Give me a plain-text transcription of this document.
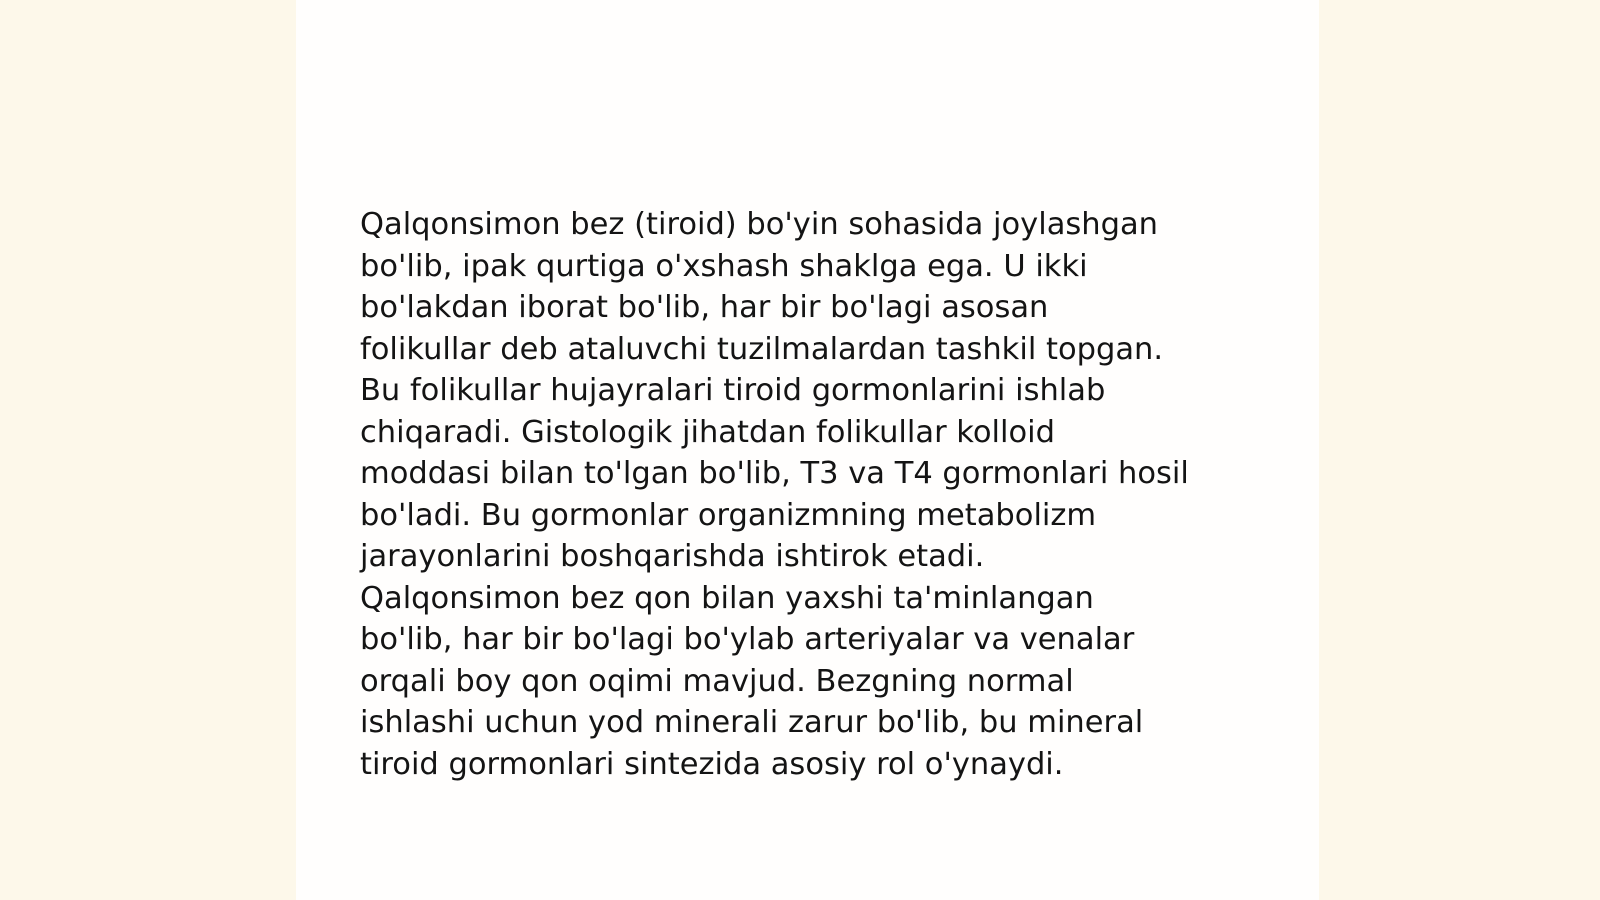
Qalqonsimon bez (tiroid) bo'yin sohasida joylashgan
bo'lib, ipak qurtiga o'xshash shaklga ega. U ikki
bo'lakdan iborat bo'lib, har bir bo'lagi asosan
folikullar deb ataluvchi tuzilmalardan tashkil topgan.
Bu folikullar hujayralari tiroid gormonlarini ishlab
chiqaradi. Gistologik jihatdan folikullar kolloid
moddasi bilan to'lgan bo'lib, T3 va T4 gormonlari hosil
bo'ladi. Bu gormonlar organizmning metabolizm
jarayonlarini boshqarishda ishtirok etadi.
Qalqonsimon bez qon bilan yaxshi ta'minlangan
bo'lib, har bir bo'lagi bo'ylab arteriyalar va venalar
orqali boy qon oqimi mavjud. Bezgning normal
ishlashi uchun yod minerali zarur bo'lib, bu mineral
tiroid gormonlari sintezida asosiy rol o'ynaydi.
